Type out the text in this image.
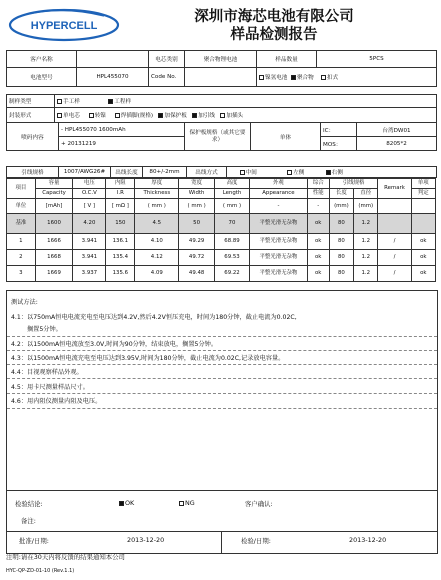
HYPERCELL
深圳市海芯电池有限公司
样品检测报告
客户名称		电芯类别	聚合物锂电池	样品数量	5PCS
电池型号	HPL455070	Code No.		镍氢电池 聚合物 扣式	
制样类型	手工样 工程样
封装形式	单电芯 转镍 焊插脚(规格) 加保护板 加引线 加插头
喷码内容	- HPL455070 1600mAh	保护板规格（或其它要求）	单体	IC：	台湾DW01
	+ 20131219			MOS：	8205*2
引线规格	1007/AWG26#	出线长度	80+/-2mm	出线方式	中间	左侧	右侧
项目	容量	电压	内阻	厚度	宽度	高度	外观	综合	引线规格		Remark	单项
	Capacity	O.C.V	I.R	Thickness	Width	Length	Appearance	性能	长度	直径		判定
单位	[mAh]	[ V ]	[ mΩ ]	( mm )	( mm )	( mm )	-	-	(mm)	(mm)		
基准	1600	4.20	150	4.5	50	70	平整光滑无杂物	ok	80	1.2		
1	1666	3.941	136.1	4.10	49.29	68.89	平整光滑无杂物	ok	80	1.2	/	ok
2	1668	3.941	135.4	4.12	49.72	69.53	平整光滑无杂物	ok	80	1.2	/	ok
3	1669	3.937	135.6	4.09	49.48	69.22	平整光滑无杂物	ok	80	1.2	/	ok
测试方法:
4.1：以750mA恒电电流充电至电压达到4.2V,然后4.2V恒压充电，时间为180分钟，截止电流为0.02C,
搁置5分钟。
4.2：以1500mA恒电流放至3.0V,时间为90分钟，结束放电，搁置5分钟。
4.3：以1500mA恒电流充电至电压达到3.95V,时间为180分钟，截止电流为0.02C,记录放电容量。
4.4：目视观察样品外观。
4.5：用卡尺测量样品尺寸。
4.6：用内阻仪测量内阻及电压。
检验结论:	OK	NG	客户确认:
备注:
批准/日期:	2013-12-20	检验/日期:	2013-12-20
注明:请在30天内将反馈的结果通知本公司
HYC-QP-ZD-01-10 (Rev.1.1)
